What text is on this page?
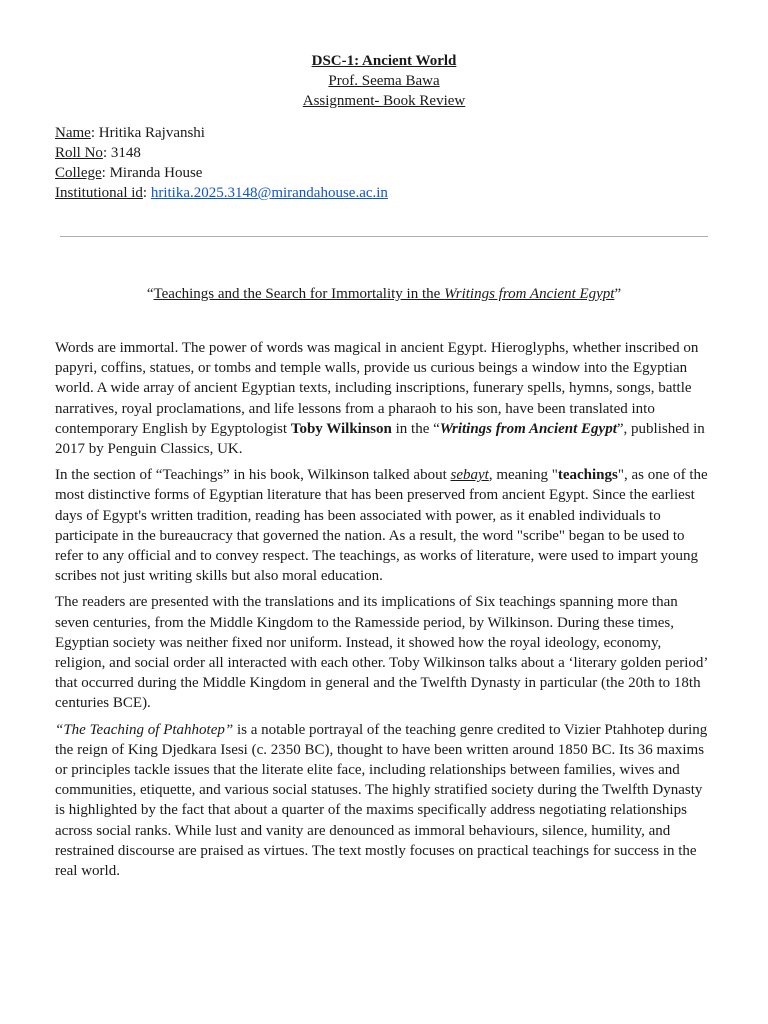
DSC-1: Ancient World
Prof. Seema Bawa
Assignment- Book Review
Name: Hritika Rajvanshi
Roll No: 3148
College: Miranda House
Institutional id: hritika.2025.3148@mirandahouse.ac.in
“Teachings and the Search for Immortality in the Writings from Ancient Egypt”

Words are immortal. The power of words was magical in ancient Egypt. Hieroglyphs, whether inscribed on papyri, coffins, statues, or tombs and temple walls, provide us curious beings a window into the Egyptian world. A wide array of ancient Egyptian texts, including inscriptions, funerary spells, hymns, songs, battle narratives, royal proclamations, and life lessons from a pharaoh to his son, have been translated into contemporary English by Egyptologist Toby Wilkinson in the “Writings from Ancient Egypt”, published in 2017 by Penguin Classics, UK.

In the section of “Teachings” in his book, Wilkinson talked about sebayt, meaning "teachings", as one of the most distinctive forms of Egyptian literature that has been preserved from ancient Egypt. Since the earliest days of Egypt's written tradition, reading has been associated with power, as it enabled individuals to participate in the bureaucracy that governed the nation. As a result, the word "scribe" began to be used to refer to any official and to convey respect. The teachings, as works of literature, were used to impart young scribes not just writing skills but also moral education.

The readers are presented with the translations and its implications of Six teachings spanning more than seven centuries, from the Middle Kingdom to the Ramesside period, by Wilkinson. During these times, Egyptian society was neither fixed nor uniform. Instead, it showed how the royal ideology, economy, religion, and social order all interacted with each other. Toby Wilkinson talks about a ‘literary golden period’ that occurred during the Middle Kingdom in general and the Twelfth Dynasty in particular (the 20th to 18th centuries BCE).

“The Teaching of Ptahhotep” is a notable portrayal of the teaching genre credited to Vizier Ptahhotep during the reign of King Djedkara Isesi (c. 2350 BC), thought to have been written around 1850 BC. Its 36 maxims or principles tackle issues that the literate elite face, including relationships between families, wives and communities, etiquette, and various social statuses. The highly stratified society during the Twelfth Dynasty is highlighted by the fact that about a quarter of the maxims specifically address negotiating relationships across social ranks. While lust and vanity are denounced as immoral behaviours, silence, humility, and restrained discourse are praised as virtues. The text mostly focuses on practical teachings for success in the real world.
